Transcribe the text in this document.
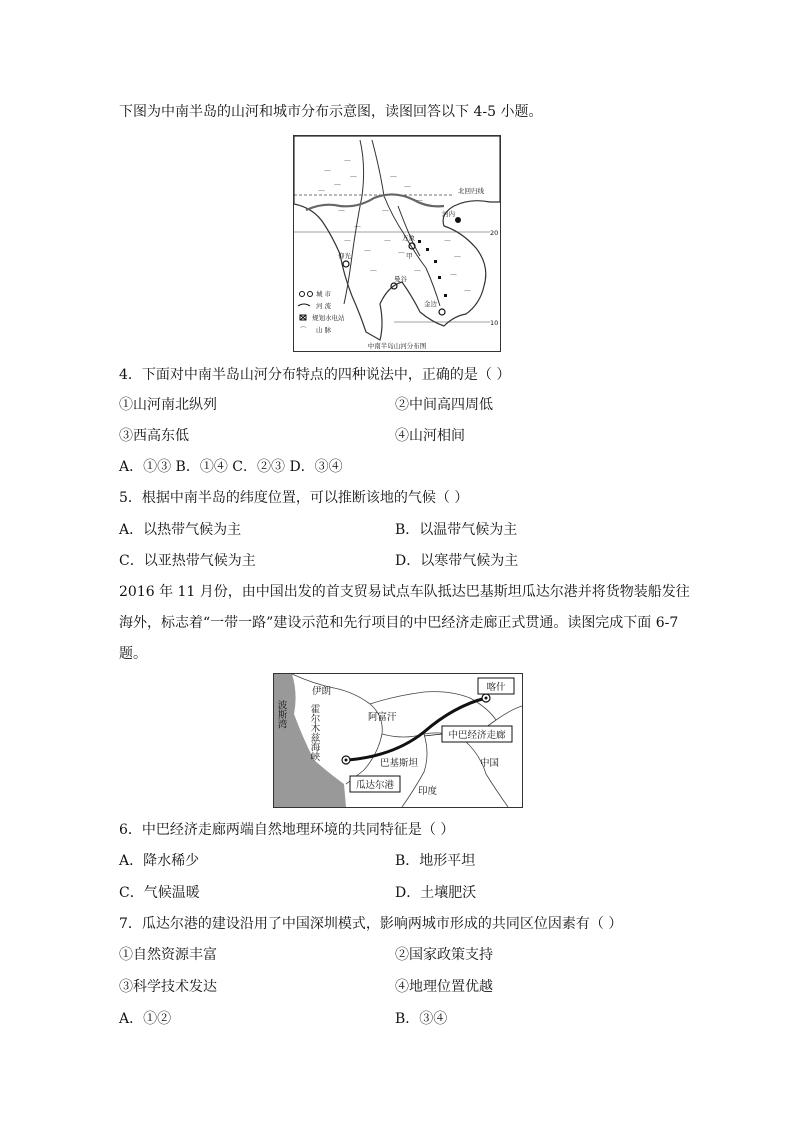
下图为中南半岛的山河和城市分布示意图，读图回答以下 4-5 小题。
⌒
⌒
⌒
⌒
⌒
⌒
⌒
⌒
⌒
⌒
⌒
⌒
⌒
⌒
⌒
⌒
⌒
⌒
⌒
⌒	⌒
北回归线
20
10
河内
万象
甲
仰光
曼谷
金边
城 市
河 流
规划水电站
⌒ 山 脉
中南半岛山河分布图
4．下面对中南半岛山河分布特点的四种说法中，正确的是（ ）
①山河南北纵列	②中间高四周低
③西高东低	④山河相间
A．①③ B．①④ C．②③ D．③④
5．根据中南半岛的纬度位置，可以推断该地的气候（ ）
A．以热带气候为主	B．以温带气候为主
C．以亚热带气候为主	D．以寒带气候为主
2016 年 11 月份，由中国出发的首支贸易试点车队抵达巴基斯坦瓜达尔港并将货物装船发往
海外，标志着“一带一路”建设示范和先行项目的中巴经济走廊正式贯通。读图完成下面 6-7
题。
喀什
中巴经济走廊
瓜达尔港
伊朗
阿富汗
巴基斯坦
印度
中国
波斯湾 霍尔木兹海峡
6．中巴经济走廊两端自然地理环境的共同特征是（ ）
A．降水稀少	B．地形平坦
C．气候温暖	D．土壤肥沃
7．瓜达尔港的建设沿用了中国深圳模式，影响两城市形成的共同区位因素有（ ）
①自然资源丰富	②国家政策支持
③科学技术发达	④地理位置优越
A．①②	B．③④
